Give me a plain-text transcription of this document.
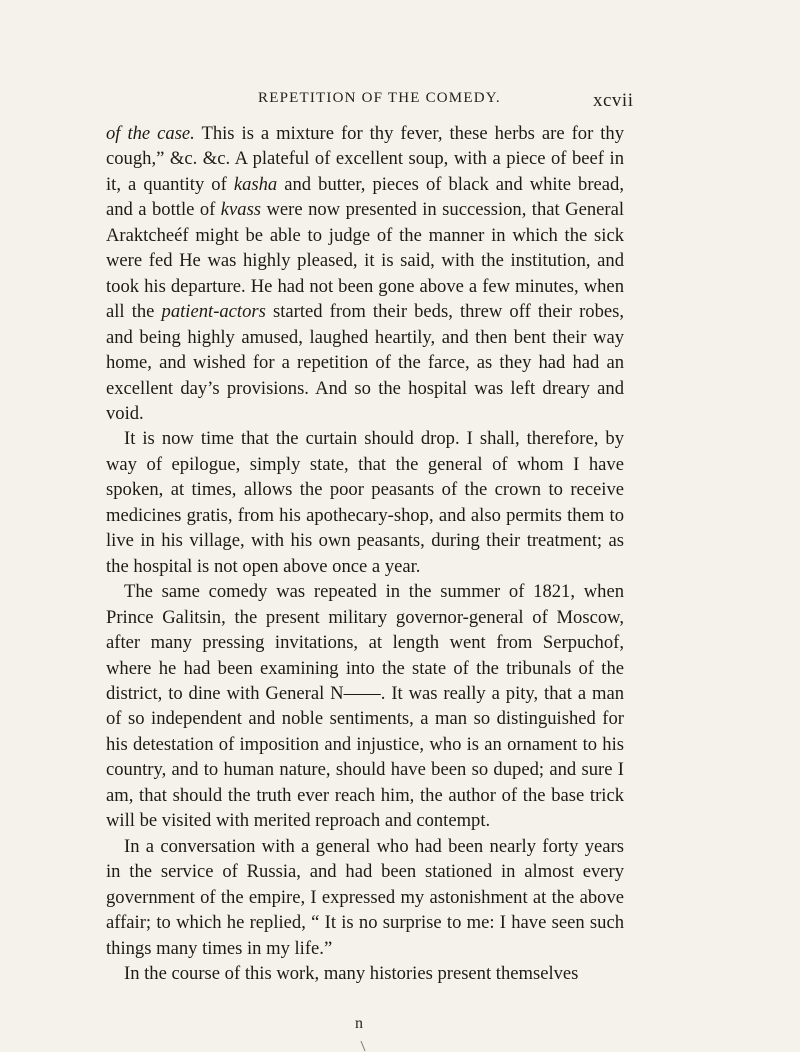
REPETITION OF THE COMEDY.	xcvii

of the case. This is a mixture for thy fever, these herbs are for thy cough,” &c. &c. A plateful of excellent soup, with a piece of beef in it, a quantity of kasha and butter, pieces of black and white bread, and a bottle of kvass were now presented in succession, that General Araktcheéf might be able to judge of the manner in which the sick were fed He was highly pleased, it is said, with the institution, and took his departure. He had not been gone above a few minutes, when all the patient-actors started from their beds, threw off their robes, and being highly amused, laughed heartily, and then bent their way home, and wished for a repetition of the farce, as they had had an excellent day’s provisions. And so the hospital was left dreary and void.

It is now time that the curtain should drop. I shall, therefore, by way of epilogue, simply state, that the general of whom I have spoken, at times, allows the poor peasants of the crown to receive medicines gratis, from his apothecary-shop, and also permits them to live in his village, with his own peasants, during their treatment; as the hospital is not open above once a year.

The same comedy was repeated in the summer of 1821, when Prince Galitsin, the present military governor-general of Moscow, after many pressing invitations, at length went from Serpuchof, where he had been examining into the state of the tribunals of the district, to dine with General N——. It was really a pity, that a man of so independent and noble sentiments, a man so distinguished for his detestation of imposition and injustice, who is an ornament to his country, and to human nature, should have been so duped; and sure I am, that should the truth ever reach him, the author of the base trick will be visited with merited reproach and contempt.

In a conversation with a general who had been nearly forty years in the service of Russia, and had been stationed in almost every government of the empire, I expressed my astonishment at the above affair; to which he replied, “ It is no surprise to me: I have seen such things many times in my life.”

In the course of this work, many histories present themselves

n
